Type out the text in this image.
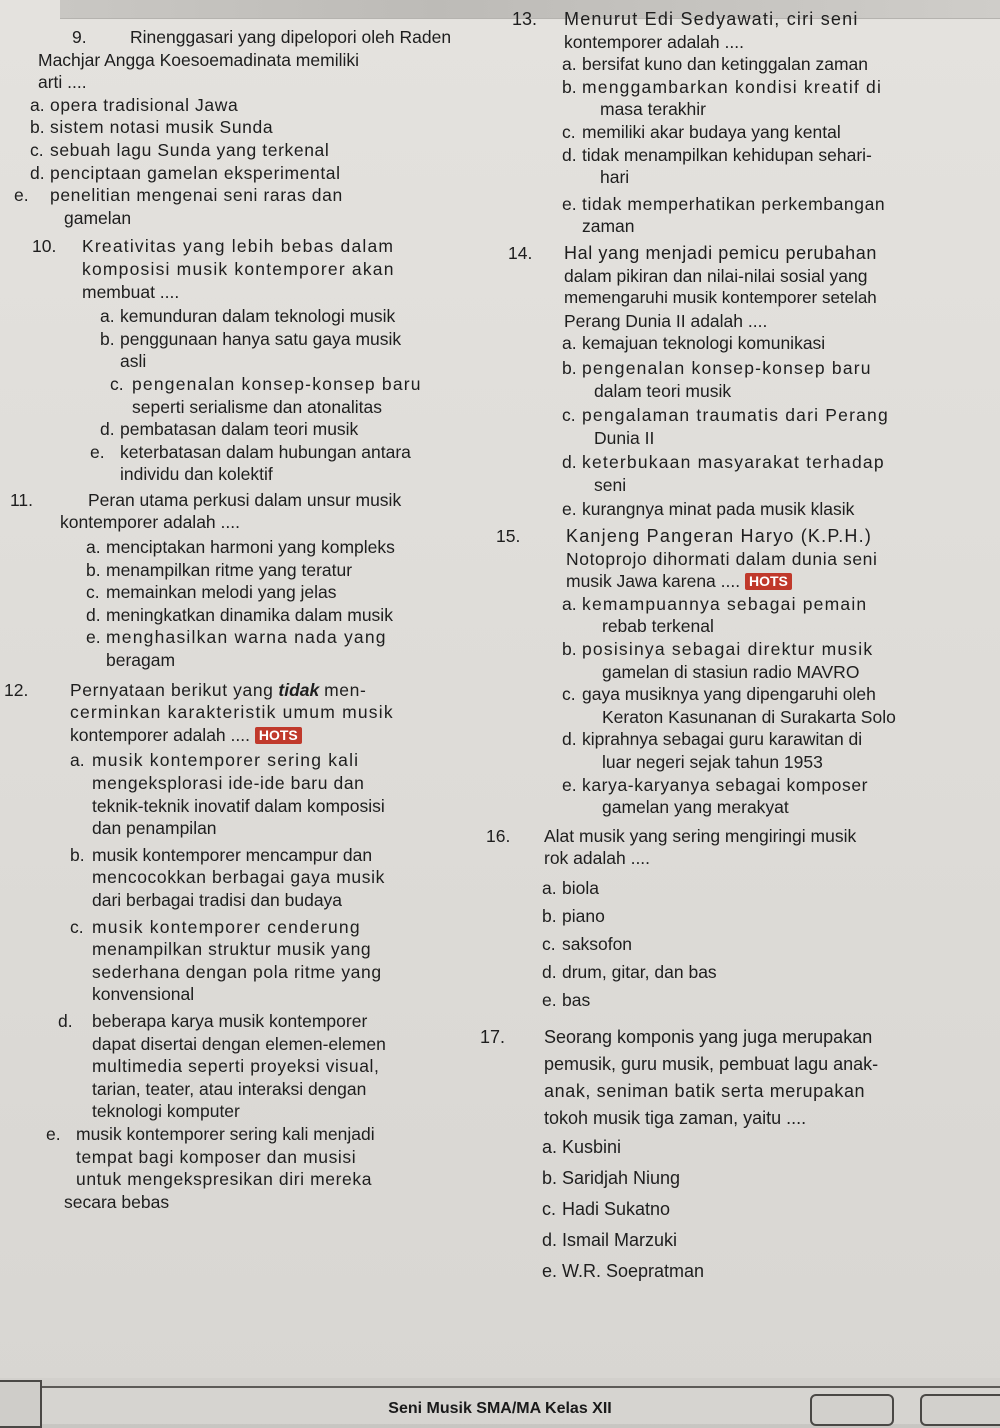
9. Rinenggasari yang dipelopori oleh Raden
Machjar Angga Koesoemadinata memiliki
arti ....
a. opera tradisional Jawa
b. sistem notasi musik Sunda
c. sebuah lagu Sunda yang terkenal
d. penciptaan gamelan eksperimental
e. penelitian mengenai seni raras dan
gamelan
10. Kreativitas yang lebih bebas dalam
komposisi musik kontemporer akan
membuat ....
a. kemunduran dalam teknologi musik
b. penggunaan hanya satu gaya musik
asli
c. pengenalan konsep-konsep baru
seperti serialisme dan atonalitas
d. pembatasan dalam teori musik
e. keterbatasan dalam hubungan antara
individu dan kolektif
11.	Peran utama perkusi dalam unsur musik
kontemporer adalah ....
a. menciptakan harmoni yang kompleks
b. menampilkan ritme yang teratur
c. memainkan melodi yang jelas
d. meningkatkan dinamika dalam musik
e. menghasilkan warna nada yang
beragam
12. Pernyataan berikut yang tidak men-
cerminkan karakteristik umum musik
kontemporer adalah .... HOTS
a. musik kontemporer sering kali
mengeksplorasi ide-ide baru dan
teknik-teknik inovatif dalam komposisi
dan penampilan
b. musik kontemporer mencampur dan
mencocokkan berbagai gaya musik
dari berbagai tradisi dan budaya
c. musik kontemporer cenderung
menampilkan struktur musik yang
sederhana dengan pola ritme yang
konvensional
d. beberapa karya musik kontemporer
dapat disertai dengan elemen-elemen
multimedia seperti proyeksi visual,
tarian, teater, atau interaksi dengan
teknologi komputer
e. musik kontemporer sering kali menjadi
tempat bagi komposer dan musisi
untuk mengekspresikan diri mereka
secara bebas
13. Menurut Edi Sedyawati, ciri seni
kontemporer adalah ....
a. bersifat kuno dan ketinggalan zaman
b. menggambarkan kondisi kreatif di
masa terakhir
c. memiliki akar budaya yang kental
d. tidak menampilkan kehidupan sehari-
hari
e. tidak memperhatikan perkembangan
zaman
14. Hal yang menjadi pemicu perubahan
dalam pikiran dan nilai-nilai sosial yang
memengaruhi musik kontemporer setelah
Perang Dunia II adalah ....
a. kemajuan teknologi komunikasi
b. pengenalan konsep-konsep baru
dalam teori musik
c. pengalaman traumatis dari Perang
Dunia II
d. keterbukaan masyarakat terhadap
seni
e. kurangnya minat pada musik klasik
15.	Kanjeng Pangeran Haryo (K.P.H.)
Notoprojo dihormati dalam dunia seni
musik Jawa karena .... HOTS
a. kemampuannya sebagai pemain
rebab terkenal
b. posisinya sebagai direktur musik
gamelan di stasiun radio MAVRO
c. gaya musiknya yang dipengaruhi oleh
Keraton Kasunanan di Surakarta Solo
d. kiprahnya sebagai guru karawitan di
luar negeri sejak tahun 1953
e. karya-karyanya sebagai komposer
gamelan yang merakyat
16. Alat musik yang sering mengiringi musik
rok adalah ....
a. biola
b. piano
c. saksofon
d. drum, gitar, dan bas
e. bas
17. Seorang komponis yang juga merupakan
pemusik, guru musik, pembuat lagu anak-
anak, seniman batik serta merupakan
tokoh musik tiga zaman, yaitu ....
a. Kusbini
b. Saridjah Niung
c. Hadi Sukatno
d. Ismail Marzuki
e. W.R. Soepratman
Seni Musik SMA/MA Kelas XII
